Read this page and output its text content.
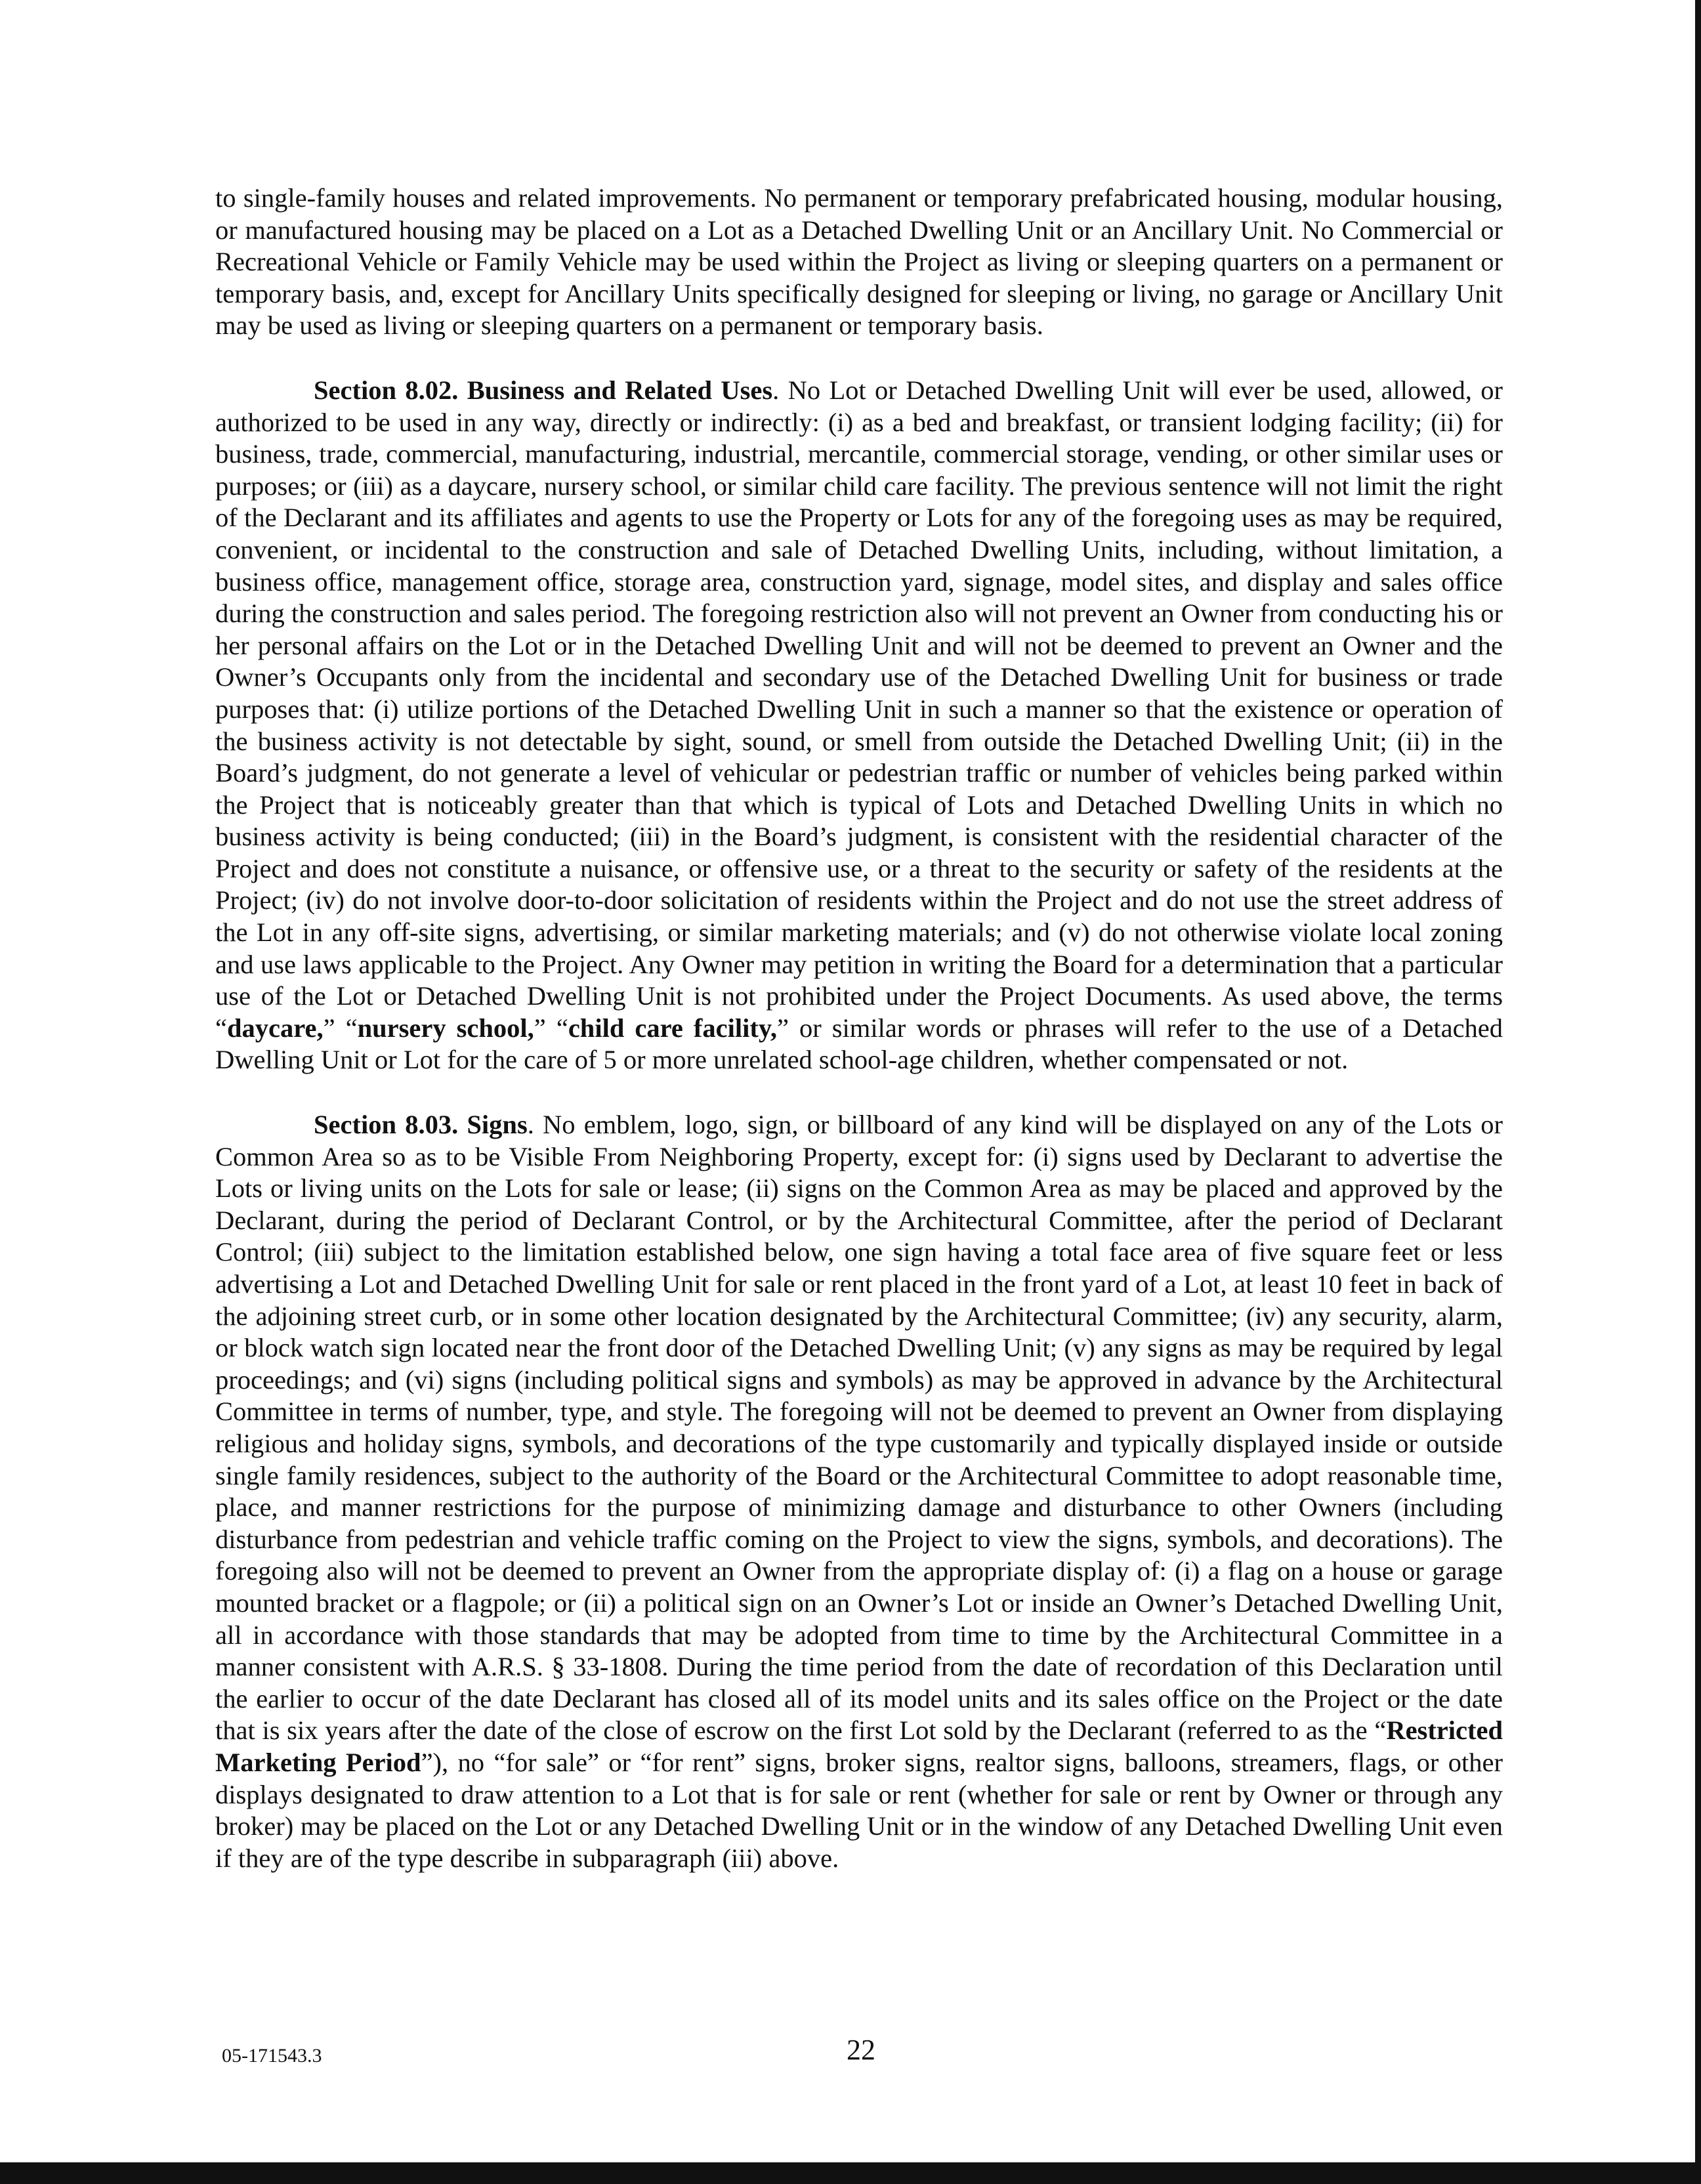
to single-family houses and related improvements. No permanent or temporary prefabricated housing, modular housing, or manufactured housing may be placed on a Lot as a Detached Dwelling Unit or an Ancillary Unit. No Commercial or Recreational Vehicle or Family Vehicle may be used within the Project as living or sleeping quarters on a permanent or temporary basis, and, except for Ancillary Units specifically designed for sleeping or living, no garage or Ancillary Unit may be used as living or sleeping quarters on a permanent or temporary basis.

Section 8.02. Business and Related Uses. No Lot or Detached Dwelling Unit will ever be used, allowed, or authorized to be used in any way, directly or indirectly: (i) as a bed and breakfast, or transient lodging facility; (ii) for business, trade, commercial, manufacturing, industrial, mercantile, commercial storage, vending, or other similar uses or purposes; or (iii) as a daycare, nursery school, or similar child care facility. The previous sentence will not limit the right of the Declarant and its affiliates and agents to use the Property or Lots for any of the foregoing uses as may be required, convenient, or incidental to the construction and sale of Detached Dwelling Units, including, without limitation, a business office, management office, storage area, construction yard, signage, model sites, and display and sales office during the construction and sales period. The foregoing restriction also will not prevent an Owner from conducting his or her personal affairs on the Lot or in the Detached Dwelling Unit and will not be deemed to prevent an Owner and the Owner’s Occupants only from the incidental and secondary use of the Detached Dwelling Unit for business or trade purposes that: (i) utilize portions of the Detached Dwelling Unit in such a manner so that the existence or operation of the business activity is not detectable by sight, sound, or smell from outside the Detached Dwelling Unit; (ii) in the Board’s judgment, do not generate a level of vehicular or pedestrian traffic or number of vehicles being parked within the Project that is noticeably greater than that which is typical of Lots and Detached Dwelling Units in which no business activity is being conducted; (iii) in the Board’s judgment, is consistent with the residential character of the Project and does not constitute a nuisance, or offensive use, or a threat to the security or safety of the residents at the Project; (iv) do not involve door-to-door solicitation of residents within the Project and do not use the street address of the Lot in any off-site signs, advertising, or similar marketing materials; and (v) do not otherwise violate local zoning and use laws applicable to the Project. Any Owner may petition in writing the Board for a determination that a particular use of the Lot or Detached Dwelling Unit is not prohibited under the Project Documents. As used above, the terms “daycare,” “nursery school,” “child care facility,” or similar words or phrases will refer to the use of a Detached Dwelling Unit or Lot for the care of 5 or more unrelated school-age children, whether compensated or not.

Section 8.03. Signs. No emblem, logo, sign, or billboard of any kind will be displayed on any of the Lots or Common Area so as to be Visible From Neighboring Property, except for: (i) signs used by Declarant to advertise the Lots or living units on the Lots for sale or lease; (ii) signs on the Common Area as may be placed and approved by the Declarant, during the period of Declarant Control, or by the Architectural Committee, after the period of Declarant Control; (iii) subject to the limitation established below, one sign having a total face area of five square feet or less advertising a Lot and Detached Dwelling Unit for sale or rent placed in the front yard of a Lot, at least 10 feet in back of the adjoining street curb, or in some other location designated by the Architectural Committee; (iv) any security, alarm, or block watch sign located near the front door of the Detached Dwelling Unit; (v) any signs as may be required by legal proceedings; and (vi) signs (including political signs and symbols) as may be approved in advance by the Architectural Committee in terms of number, type, and style. The foregoing will not be deemed to prevent an Owner from displaying religious and holiday signs, symbols, and decorations of the type customarily and typically displayed inside or outside single family residences, subject to the authority of the Board or the Architectural Committee to adopt reasonable time, place, and manner restrictions for the purpose of minimizing damage and disturbance to other Owners (including disturbance from pedestrian and vehicle traffic coming on the Project to view the signs, symbols, and decorations). The foregoing also will not be deemed to prevent an Owner from the appropriate display of: (i) a flag on a house or garage mounted bracket or a flagpole; or (ii) a political sign on an Owner’s Lot or inside an Owner’s Detached Dwelling Unit, all in accordance with those standards that may be adopted from time to time by the Architectural Committee in a manner consistent with A.R.S. § 33-1808. During the time period from the date of recordation of this Declaration until the earlier to occur of the date Declarant has closed all of its model units and its sales office on the Project or the date that is six years after the date of the close of escrow on the first Lot sold by the Declarant (referred to as the “Restricted Marketing Period”), no “for sale” or “for rent” signs, broker signs, realtor signs, balloons, streamers, flags, or other displays designated to draw attention to a Lot that is for sale or rent (whether for sale or rent by Owner or through any broker) may be placed on the Lot or any Detached Dwelling Unit or in the window of any Detached Dwelling Unit even if they are of the type describe in subparagraph (iii) above.

05-171543.3	22
